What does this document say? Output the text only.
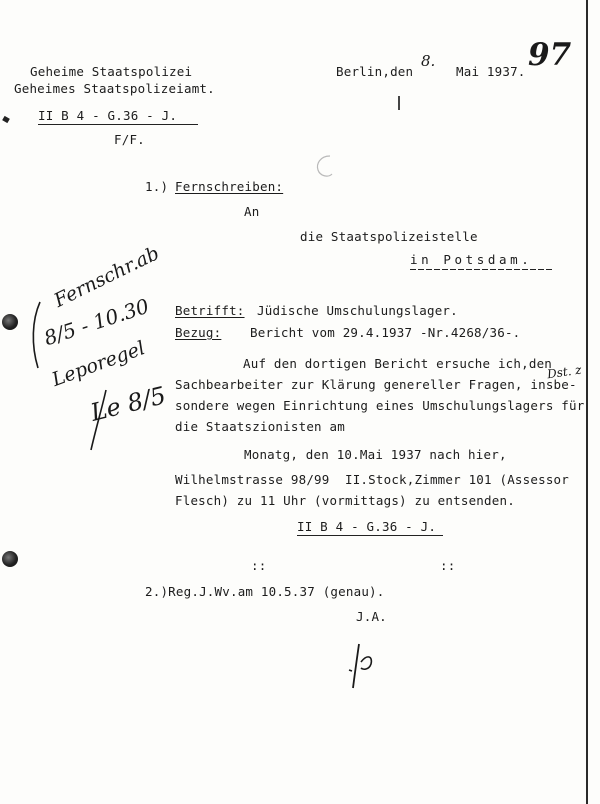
Geheime Staatspolizei
Geheimes Staatspolizeiamt.
Berlin,den
8.
Mai 1937. 97
II B 4 - G.36 - J.
F/F.
1.) Fernschreiben:
An
die Staatspolizeistelle
in Potsdam.
Betrifft: Jüdische Umschulungslager.
Bezug: Bericht vom 29.4.1937 -Nr.4268/36-.
Auf den dortigen Bericht ersuche ich,den
Dst. z
Sachbearbeiter zur Klärung genereller Fragen, insbe-
sondere wegen Einrichtung eines Umschulungslagers für
die Staatszionisten am
Monatg, den 10.Mai 1937 nach hier,
Wilhelmstrasse 98/99  II.Stock,Zimmer 101 (Assessor
Flesch) zu 11 Uhr (vormittags) zu entsenden.
II B 4 - G.36 - J.
::	::
2.)Reg.J.Wv.am 10.5.37 (genau).
J.A.
Fernschr.ab
8/5 - 10.30
Leporegel
Le 8/5
